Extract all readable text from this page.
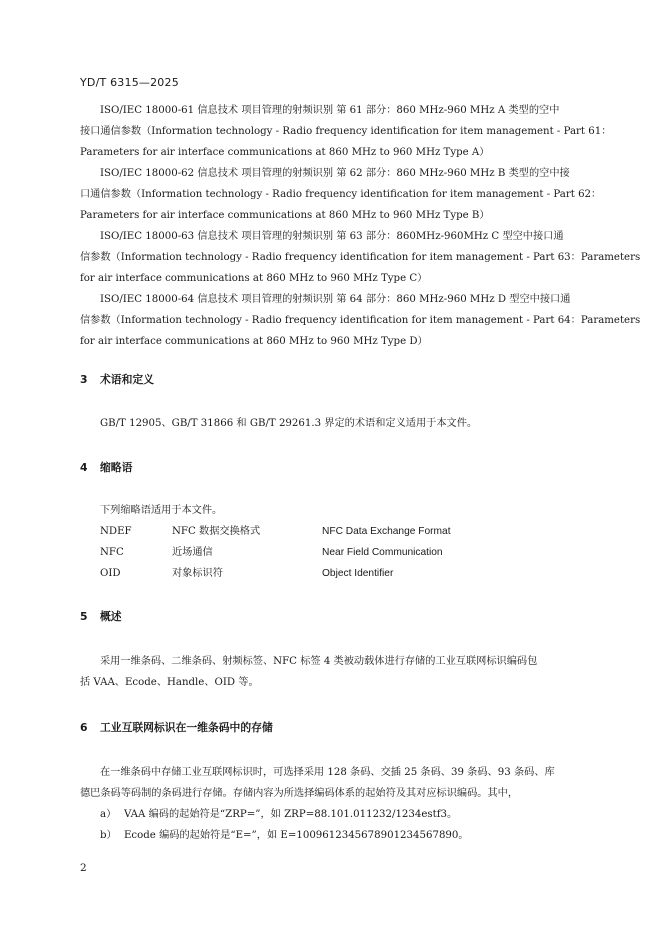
YD/T 6315—2025
ISO/IEC 18000-61 信息技术 项目管理的射频识别 第 61 部分：860 MHz-960 MHz A 类型的空中
接口通信参数（Information technology - Radio frequency identification for item management - Part 61：
Parameters for air interface communications at 860 MHz to 960 MHz Type A）
ISO/IEC 18000-62 信息技术 项目管理的射频识别 第 62 部分：860 MHz-960 MHz B 类型的空中接
口通信参数（Information technology - Radio frequency identification for item management - Part 62：
Parameters for air interface communications at 860 MHz to 960 MHz Type B）
ISO/IEC 18000-63 信息技术 项目管理的射频识别 第 63 部分：860MHz-960MHz C 型空中接口通
信参数（Information technology - Radio frequency identification for item management - Part 63：Parameters
for air interface communications at 860 MHz to 960 MHz Type C）
ISO/IEC 18000-64 信息技术 项目管理的射频识别 第 64 部分：860 MHz-960 MHz D 型空中接口通
信参数（Information technology - Radio frequency identification for item management - Part 64：Parameters
for air interface communications at 860 MHz to 960 MHz Type D）
3 术语和定义
GB/T 12905、GB/T 31866 和 GB/T 29261.3 界定的术语和定义适用于本文件。
4 缩略语
下列缩略语适用于本文件。
NDEF	NFC 数据交换格式	NFC Data Exchange Format
NFC	近场通信	Near Field Communication
OID	对象标识符	Object Identifier
5 概述
采用一维条码、二维条码、射频标签、NFC 标签 4 类被动载体进行存储的工业互联网标识编码包
括 VAA、Ecode、Handle、OID 等。
6 工业互联网标识在一维条码中的存储
在一维条码中存储工业互联网标识时，可选择采用 128 条码、交插 25 条码、39 条码、93 条码、库
德巴条码等码制的条码进行存储。存储内容为所选择编码体系的起始符及其对应标识编码。其中，
a） VAA 编码的起始符是“ZRP=”，如 ZRP=88.101.011232/1234estf3。
b） Ecode 编码的起始符是“E=”，如 E=1009612345678901234567890。
2
